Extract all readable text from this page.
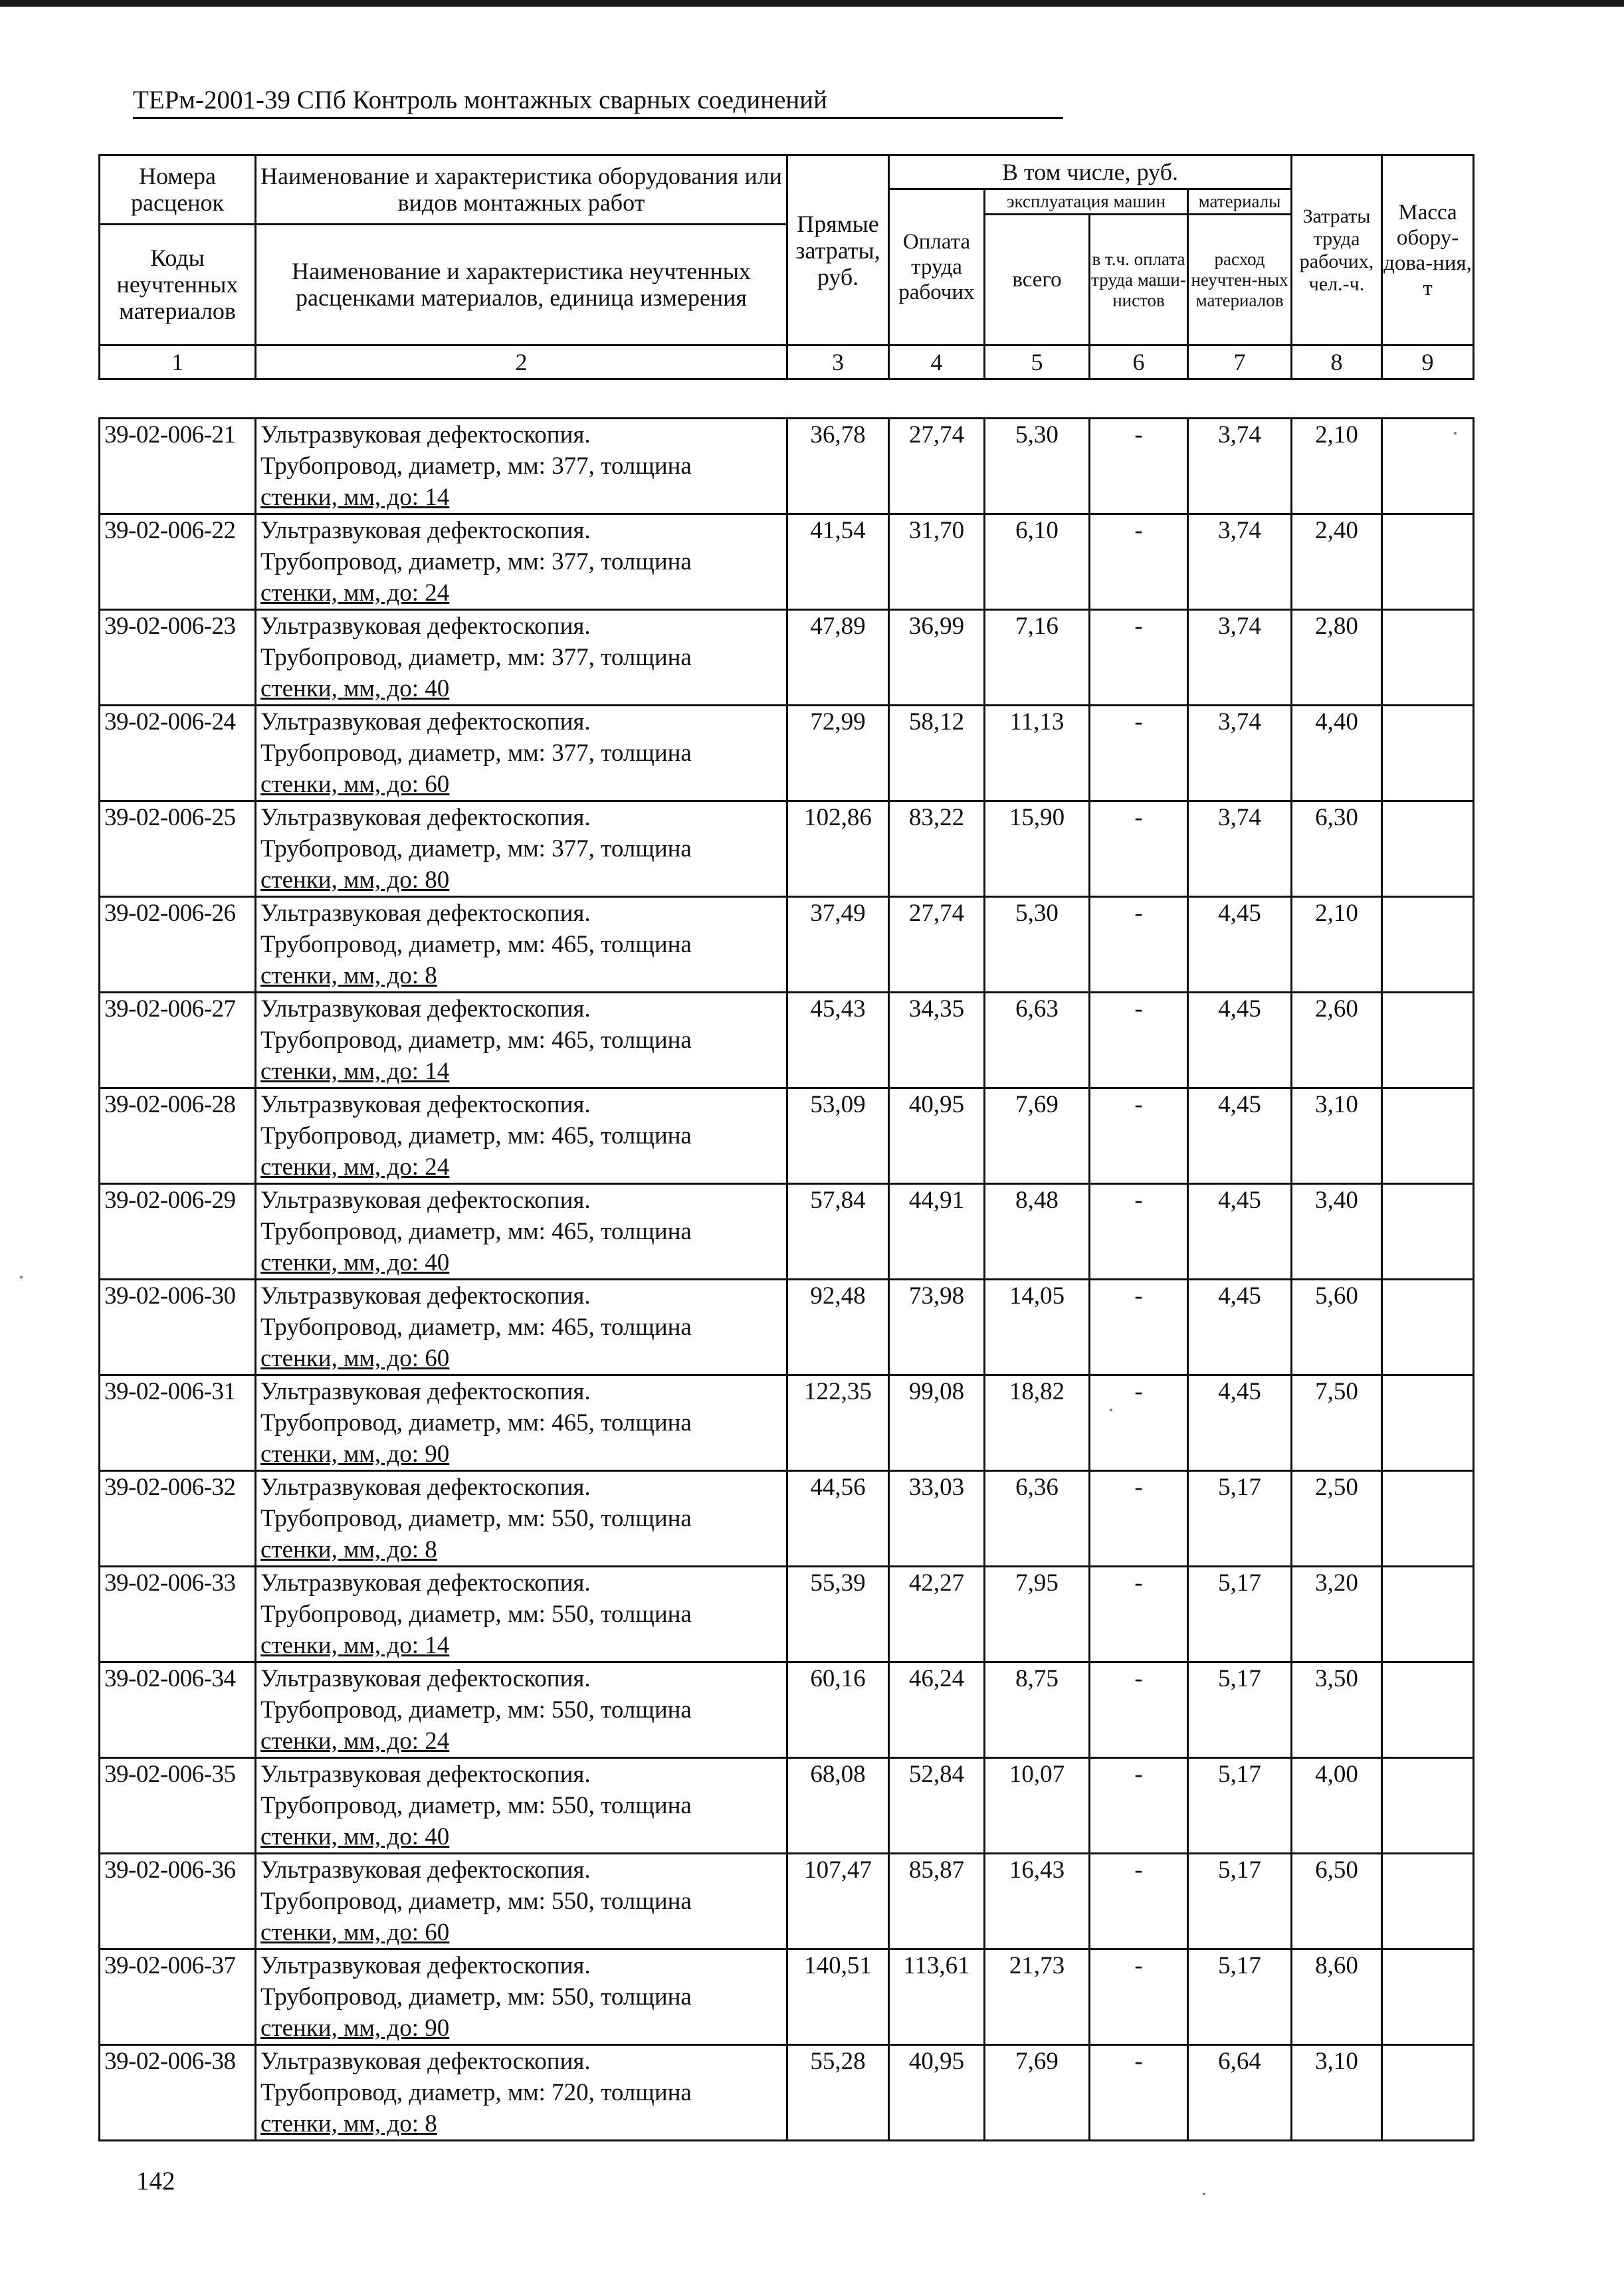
ТЕРм-2001-39 СПб Контроль монтажных сварных соединений
Номера расценок	Наименование и характеристика оборудования или видов монтажных работ	Прямые затраты, руб.	В том числе, руб.				Затраты труда рабочих, чел.-ч.	Масса обору-дова-ния, т
			Оплата труда рабочих	эксплуатация машин		материалы		
				всего	в т.ч. оплата труда маши-нистов	расход неучтен-ных материалов		
Коды неучтенных материалов	Наименование и характеристика неучтенных расценками материалов, единица измерения							

1	2	3	4	5	6	7	8	9
39-02-006-21	Ультразвуковая дефектоскопия.
Трубопровод, диаметр, мм: 377, толщина
стенки, мм, до: 14	36,78	27,74	5,30	-	3,74	2,10	
39-02-006-22	Ультразвуковая дефектоскопия.
Трубопровод, диаметр, мм: 377, толщина
стенки, мм, до: 24	41,54	31,70	6,10	-	3,74	2,40	
39-02-006-23	Ультразвуковая дефектоскопия.
Трубопровод, диаметр, мм: 377, толщина
стенки, мм, до: 40	47,89	36,99	7,16	-	3,74	2,80	
39-02-006-24	Ультразвуковая дефектоскопия.
Трубопровод, диаметр, мм: 377, толщина
стенки, мм, до: 60	72,99	58,12	11,13	-	3,74	4,40	
39-02-006-25	Ультразвуковая дефектоскопия.
Трубопровод, диаметр, мм: 377, толщина
стенки, мм, до: 80	102,86	83,22	15,90	-	3,74	6,30	
39-02-006-26	Ультразвуковая дефектоскопия.
Трубопровод, диаметр, мм: 465, толщина
стенки, мм, до: 8	37,49	27,74	5,30	-	4,45	2,10	
39-02-006-27	Ультразвуковая дефектоскопия.
Трубопровод, диаметр, мм: 465, толщина
стенки, мм, до: 14	45,43	34,35	6,63	-	4,45	2,60	
39-02-006-28	Ультразвуковая дефектоскопия.
Трубопровод, диаметр, мм: 465, толщина
стенки, мм, до: 24	53,09	40,95	7,69	-	4,45	3,10	
39-02-006-29	Ультразвуковая дефектоскопия.
Трубопровод, диаметр, мм: 465, толщина
стенки, мм, до: 40	57,84	44,91	8,48	-	4,45	3,40	
39-02-006-30	Ультразвуковая дефектоскопия.
Трубопровод, диаметр, мм: 465, толщина
стенки, мм, до: 60	92,48	73,98	14,05	-	4,45	5,60	
39-02-006-31	Ультразвуковая дефектоскопия.
Трубопровод, диаметр, мм: 465, толщина
стенки, мм, до: 90	122,35	99,08	18,82	-	4,45	7,50	
39-02-006-32	Ультразвуковая дефектоскопия.
Трубопровод, диаметр, мм: 550, толщина
стенки, мм, до: 8	44,56	33,03	6,36	-	5,17	2,50	
39-02-006-33	Ультразвуковая дефектоскопия.
Трубопровод, диаметр, мм: 550, толщина
стенки, мм, до: 14	55,39	42,27	7,95	-	5,17	3,20	
39-02-006-34	Ультразвуковая дефектоскопия.
Трубопровод, диаметр, мм: 550, толщина
стенки, мм, до: 24	60,16	46,24	8,75	-	5,17	3,50	
39-02-006-35	Ультразвуковая дефектоскопия.
Трубопровод, диаметр, мм: 550, толщина
стенки, мм, до: 40	68,08	52,84	10,07	-	5,17	4,00	
39-02-006-36	Ультразвуковая дефектоскопия.
Трубопровод, диаметр, мм: 550, толщина
стенки, мм, до: 60	107,47	85,87	16,43	-	5,17	6,50	
39-02-006-37	Ультразвуковая дефектоскопия.
Трубопровод, диаметр, мм: 550, толщина
стенки, мм, до: 90	140,51	113,61	21,73	-	5,17	8,60	
39-02-006-38	Ультразвуковая дефектоскопия.
Трубопровод, диаметр, мм: 720, толщина
стенки, мм, до: 8	55,28	40,95	7,69	-	6,64	3,10	
142
